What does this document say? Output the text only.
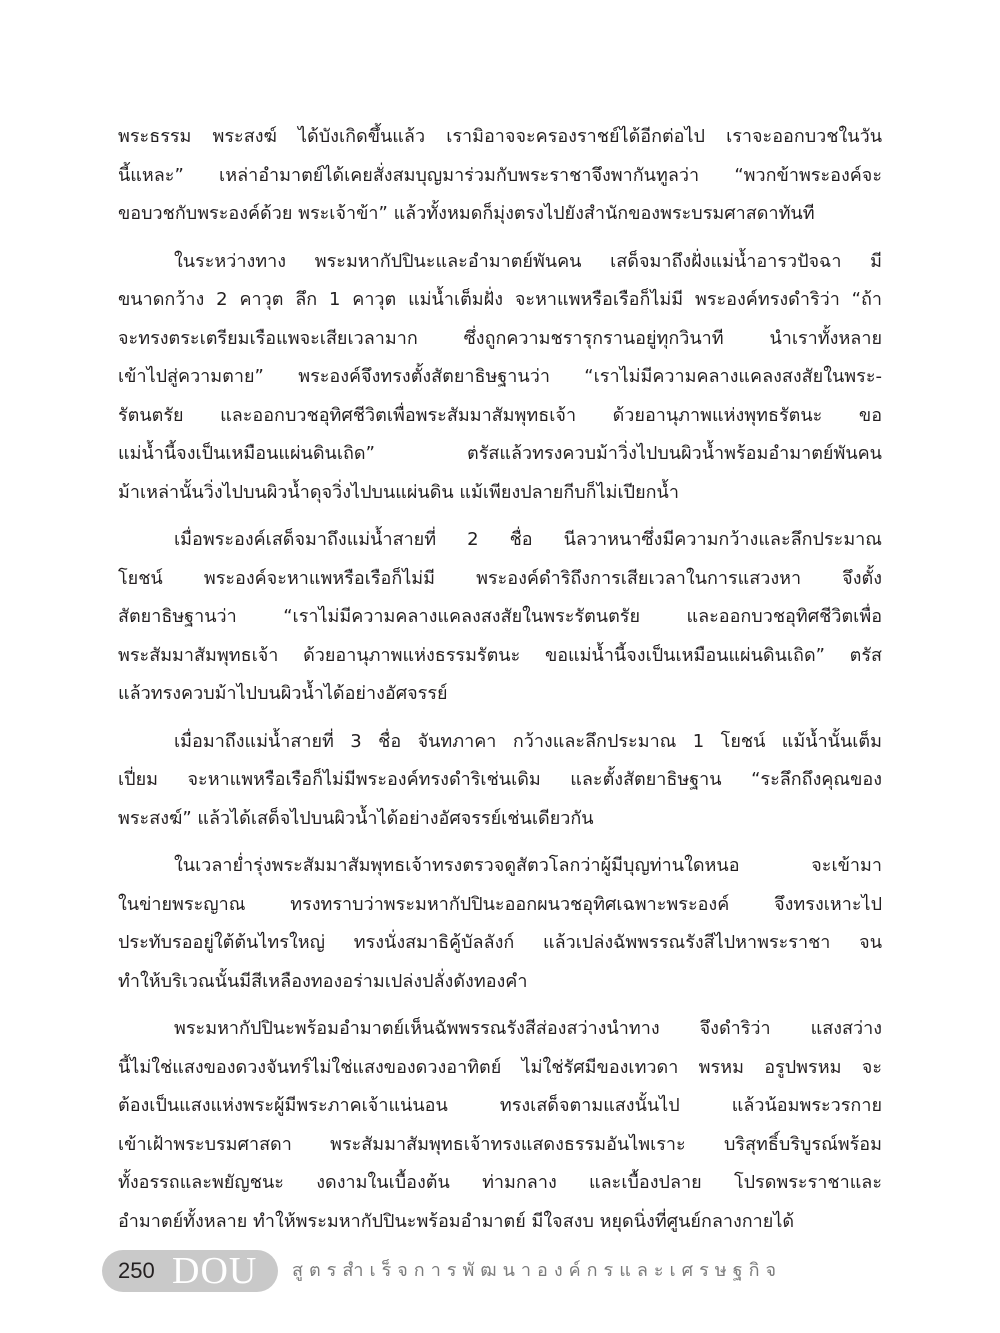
พระธรรม พระสงฆ์ ได้บังเกิดขึ้นแล้ว เรามิอาจจะครองราชย์ได้อีกต่อไป เราจะออกบวชในวัน
นี้แหละ” เหล่าอำมาตย์ได้เคยสั่งสมบุญมาร่วมกับพระราชาจึงพากันทูลว่า “พวกข้าพระองค์จะ
ขอบวชกับพระองค์ด้วย พระเจ้าข้า” แล้วทั้งหมดก็มุ่งตรงไปยังสำนักของพระบรมศาสดาทันที
ในระหว่างทาง พระมหากัปปินะและอำมาตย์พันคน เสด็จมาถึงฝั่งแม่น้ำอารวปัจฉา มี
ขนาดกว้าง 2 คาวุต ลึก 1 คาวุต แม่น้ำเต็มฝั่ง จะหาแพหรือเรือก็ไม่มี พระองค์ทรงดำริว่า “ถ้า
จะทรงตระเตรียมเรือแพจะเสียเวลามาก ซึ่งถูกความชรารุกรานอยู่ทุกวินาที นำเราทั้งหลาย
เข้าไปสู่ความตาย” พระองค์จึงทรงตั้งสัตยาธิษฐานว่า “เราไม่มีความคลางแคลงสงสัยในพระ-
รัตนตรัย และออกบวชอุทิศชีวิตเพื่อพระสัมมาสัมพุทธเจ้า ด้วยอานุภาพแห่งพุทธรัตนะ ขอ
แม่น้ำนี้จงเป็นเหมือนแผ่นดินเถิด” ตรัสแล้วทรงควบม้าวิ่งไปบนผิวน้ำพร้อมอำมาตย์พันคน
ม้าเหล่านั้นวิ่งไปบนผิวน้ำดุจวิ่งไปบนแผ่นดิน แม้เพียงปลายกีบก็ไม่เปียกน้ำ
เมื่อพระองค์เสด็จมาถึงแม่น้ำสายที่ 2 ชื่อ นีลวาหนาซึ่งมีความกว้างและลึกประมาณ
โยชน์ พระองค์จะหาแพหรือเรือก็ไม่มี พระองค์ดำริถึงการเสียเวลาในการแสวงหา จึงตั้ง
สัตยาธิษฐานว่า “เราไม่มีความคลางแคลงสงสัยในพระรัตนตรัย และออกบวชอุทิศชีวิตเพื่อ
พระสัมมาสัมพุทธเจ้า ด้วยอานุภาพแห่งธรรมรัตนะ ขอแม่น้ำนี้จงเป็นเหมือนแผ่นดินเถิด” ตรัส
แล้วทรงควบม้าไปบนผิวน้ำได้อย่างอัศจรรย์
เมื่อมาถึงแม่น้ำสายที่ 3 ชื่อ จันทภาคา กว้างและลึกประมาณ 1 โยชน์ แม้น้ำนั้นเต็ม
เปี่ยม จะหาแพหรือเรือก็ไม่มีพระองค์ทรงดำริเช่นเดิม และตั้งสัตยาธิษฐาน “ระลึกถึงคุณของ
พระสงฆ์” แล้วได้เสด็จไปบนผิวน้ำได้อย่างอัศจรรย์เช่นเดียวกัน
ในเวลาย่ำรุ่งพระสัมมาสัมพุทธเจ้าทรงตรวจดูสัตวโลกว่าผู้มีบุญท่านใดหนอ จะเข้ามา
ในข่ายพระญาณ ทรงทราบว่าพระมหากัปปินะออกผนวชอุทิศเฉพาะพระองค์ จึงทรงเหาะไป
ประทับรออยู่ใต้ต้นไทรใหญ่ ทรงนั่งสมาธิคู้บัลลังก์ แล้วเปล่งฉัพพรรณรังสีไปหาพระราชา จน
ทำให้บริเวณนั้นมีสีเหลืองทองอร่ามเปล่งปลั่งดังทองคำ
พระมหากัปปินะพร้อมอำมาตย์เห็นฉัพพรรณรังสีส่องสว่างนำทาง จึงดำริว่า แสงสว่าง
นี้ไม่ใช่แสงของดวงจันทร์ไม่ใช่แสงของดวงอาทิตย์ ไม่ใช่รัศมีของเทวดา พรหม อรูปพรหม จะ
ต้องเป็นแสงแห่งพระผู้มีพระภาคเจ้าแน่นอน ทรงเสด็จตามแสงนั้นไป แล้วน้อมพระวรกาย
เข้าเฝ้าพระบรมศาสดา พระสัมมาสัมพุทธเจ้าทรงแสดงธรรมอันไพเราะ บริสุทธิ์บริบูรณ์พร้อม
ทั้งอรรถและพยัญชนะ งดงามในเบื้องต้น ท่ามกลาง และเบื้องปลาย โปรดพระราชาและ
อำมาตย์ทั้งหลาย ทำให้พระมหากัปปินะพร้อมอำมาตย์ มีใจสงบ หยุดนิ่งที่ศูนย์กลางกายได้
250 DOU สูตรสำเร็จการพัฒนาองค์กรและเศรษฐกิจ
